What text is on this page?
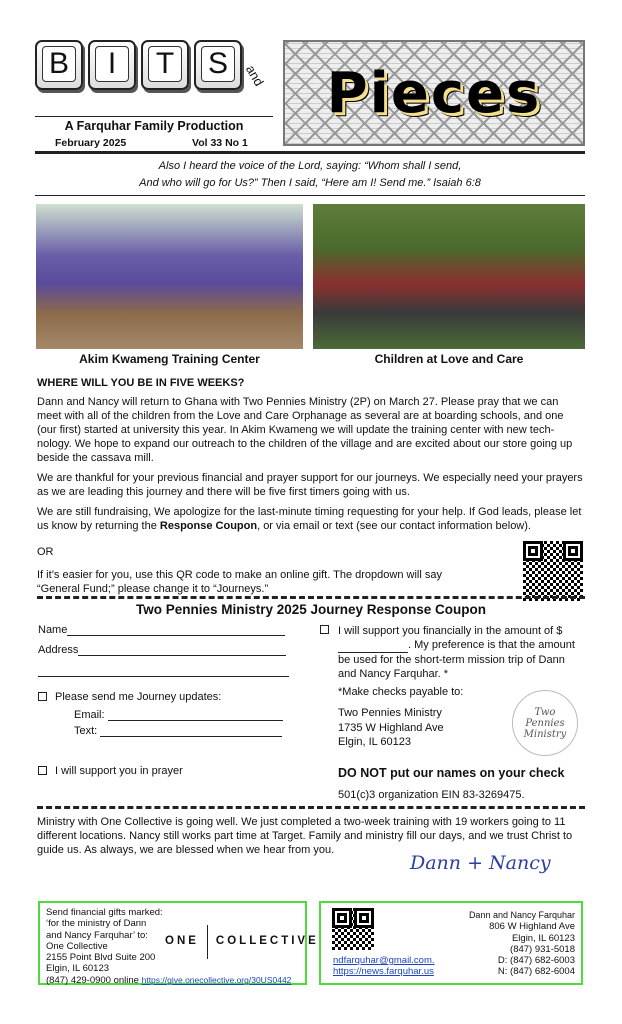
B	I	T S	and Pieces
A Farquhar Family Production
February 2025	Vol 33 No 1
Also I heard the voice of the Lord, saying: “Whom shall I send,
And who will go for Us?” Then I said, “Here am I! Send me.” Isaiah 6:8
Akim Kwameng Training Center	Children at Love and Care
WHERE WILL YOU BE IN FIVE WEEKS?

Dann and Nancy will return to Ghana with Two Pennies Ministry (2P) on March 27. Please pray that we can meet with all of the children from the Love and Care Orphanage as several are at boarding schools, and one (our first) started at university this year. In Akim Kwameng we will update the training center with new tech-nology. We hope to expand our outreach to the children of the village and are excited about our store going up beside the cassava mill.

We are thankful for your previous financial and prayer support for our journeys. We especially need your prayers as we are leading this journey and there will be five first timers going with us.

We are still fundraising, We apologize for the last-minute timing requesting for your help. If God leads, please let us know by returning the Response Coupon, or via email or text (see our contact information below).

OR
If it’s easier for you, use this QR code to make an online gift. The dropdown will say “General Fund;” please change it to “Journeys.”
Two Pennies Ministry 2025 Journey Response Coupon
Name
Address
Please send me Journey updates:
Email:
Text:
I will support you in prayer
I will support you financially in the amount of $. My preference is that the amount be used for the short-term mission trip of Dann and Nancy Farquhar. *
*Make checks payable to:
Two Pennies Ministry
1735 W Highland Ave
Elgin, IL 60123
Two Pennies Ministry
DO NOT put our names on your check
501(c)3 organization EIN 83-3269475.
Ministry with One Collective is going well. We just completed a two-week training with 19 workers going to 11 different locations. Nancy still works part time at Target. Family and ministry fill our days, and we trust Christ to guide us. As always, we are blessed when we hear from you.
Dann + Nancy
Send financial gifts marked:
‘for the ministry of Dann
and Nancy Farquhar’ to:
One Collective
2155 Point Blvd Suite 200
Elgin, IL 60123
(847) 429-0900 online https://give.onecollective.org/30US0442
ONE COLLECTIVE
ndfarquhar@gmail.com.
https://news.farquhar.us
Dann and Nancy Farquhar
806 W Highland Ave
Elgin, IL 60123
(847) 931-5018
D: (847) 682-6003
N: (847) 682-6004
